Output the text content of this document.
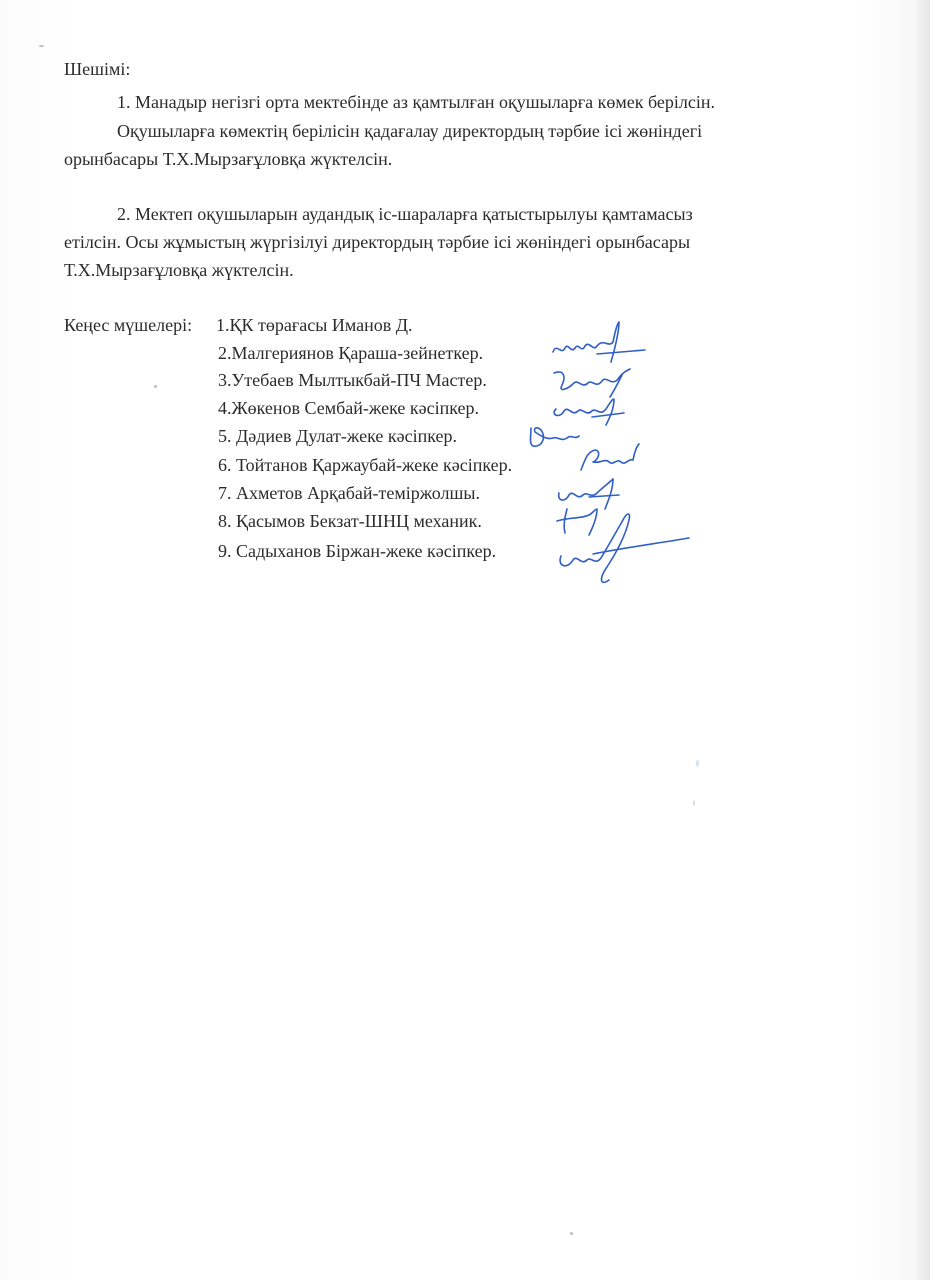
Шешімі:
1. Манадыр негізгі орта мектебінде аз қамтылған оқушыларға көмек берілсін.
Оқушыларға көмектің берілісін қадағалау директордың тәрбие ісі жөніндегі
орынбасары Т.Х.Мырзағұловқа жүктелсін.
2. Мектеп оқушыларын аудандық іс-шараларға қатыстырылуы қамтамасыз
етілсін. Осы жұмыстың жүргізілуі директордың тәрбие ісі жөніндегі орынбасары
Т.Х.Мырзағұловқа жүктелсін.
Кеңес мүшелері: 1.ҚК төрағасы Иманов Д.
2.Малгериянов Қараша-зейнеткер.
3.Утебаев Мылтыкбай-ПЧ Мастер.
4.Жөкенов Сембай-жеке кәсіпкер.
5. Дәдиев Дулат-жеке кәсіпкер.
6. Тойтанов Қаржаубай-жеке кәсіпкер.
7. Ахметов Арқабай-теміржолшы.
8. Қасымов Бекзат-ШНЦ механик.
9. Садыханов Біржан-жеке кәсіпкер.
